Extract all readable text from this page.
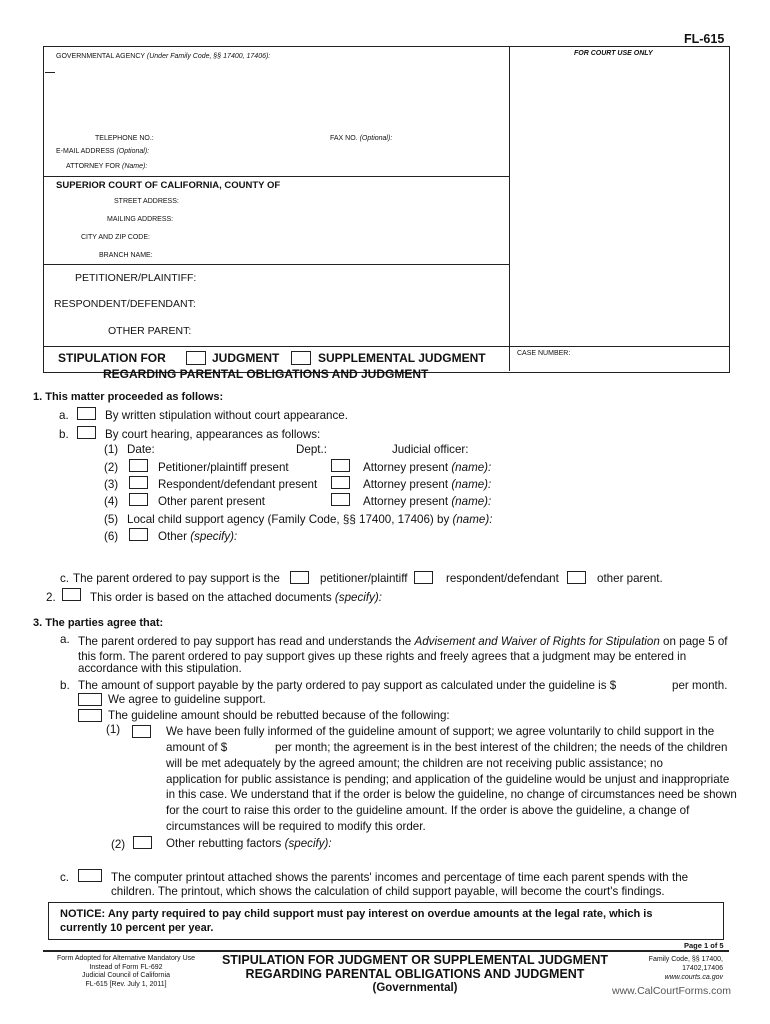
FL-615
GOVERNMENTAL AGENCY (Under Family Code, §§ 17400, 17406):	FOR COURT USE ONLY
TELEPHONE NO.:	FAX NO. (Optional):
E-MAIL ADDRESS (Optional):
ATTORNEY FOR (Name):
SUPERIOR COURT OF CALIFORNIA, COUNTY OF
STREET ADDRESS:
MAILING ADDRESS:
CITY AND ZIP CODE:
BRANCH NAME:
PETITIONER/PLAINTIFF:
RESPONDENT/DEFENDANT:
OTHER PARENT:
STIPULATION FOR	JUDGMENT	SUPPLEMENTAL JUDGMENT
REGARDING PARENTAL OBLIGATIONS AND JUDGMENT
CASE NUMBER:
1. This matter proceeded as follows:
a.	By written stipulation without court appearance.
b.	By court hearing, appearances as follows:
(1) Date:	Dept.:	Judicial officer:
(2)	Petitioner/plaintiff present	Attorney present (name):
(3)	Respondent/defendant present	Attorney present (name):
(4)	Other parent present	Attorney present (name):
(5) Local child support agency (Family Code, §§ 17400, 17406) by (name):
(6)	Other (specify):
c. The parent ordered to pay support is the	petitioner/plaintiff	respondent/defendant	other parent.
2.	This order is based on the attached documents (specify):
3. The parties agree that:
a. The parent ordered to pay support has read and understands the Advisement and Waiver of Rights for Stipulation on page 5 of
this form. The parent ordered to pay support gives up these rights and freely agrees that a judgment may be entered in
accordance with this stipulation.
b. The amount of support payable by the party ordered to pay support as calculated under the guideline is $	per month.
We agree to guideline support.
The guideline amount should be rebutted because of the following:
(1)	We have been fully informed of the guideline amount of support; we agree voluntarily to child support in the
amount of $	per month; the agreement is in the best interest of the children; the needs of the children
will be met adequately by the agreed amount; the children are not receiving public assistance; no
application for public assistance is pending; and application of the guideline would be unjust and inappropriate
in this case. We understand that if the order is below the guideline, no change of circumstances need be shown
for the court to raise this order to the guideline amount. If the order is above the guideline, a change of
circumstances will be required to modify this order.
(2)	Other rebutting factors (specify):
c.	The computer printout attached shows the parents' incomes and percentage of time each parent spends with the
children. The printout, which shows the calculation of child support payable, will become the court's findings.
NOTICE: Any party required to pay child support must pay interest on overdue amounts at the legal rate, which is
currently 10 percent per year.
Page 1 of 5
Form Adopted for Alternative Mandatory Use
Instead of Form FL-692
Judicial Council of California
FL-615 [Rev. July 1, 2011]
STIPULATION FOR JUDGMENT OR SUPPLEMENTAL JUDGMENT
REGARDING PARENTAL OBLIGATIONS AND JUDGMENT
(Governmental)
Family Code, §§ 17400,
17402,17406
www.courts.ca.gov
www.CalCourtForms.com
